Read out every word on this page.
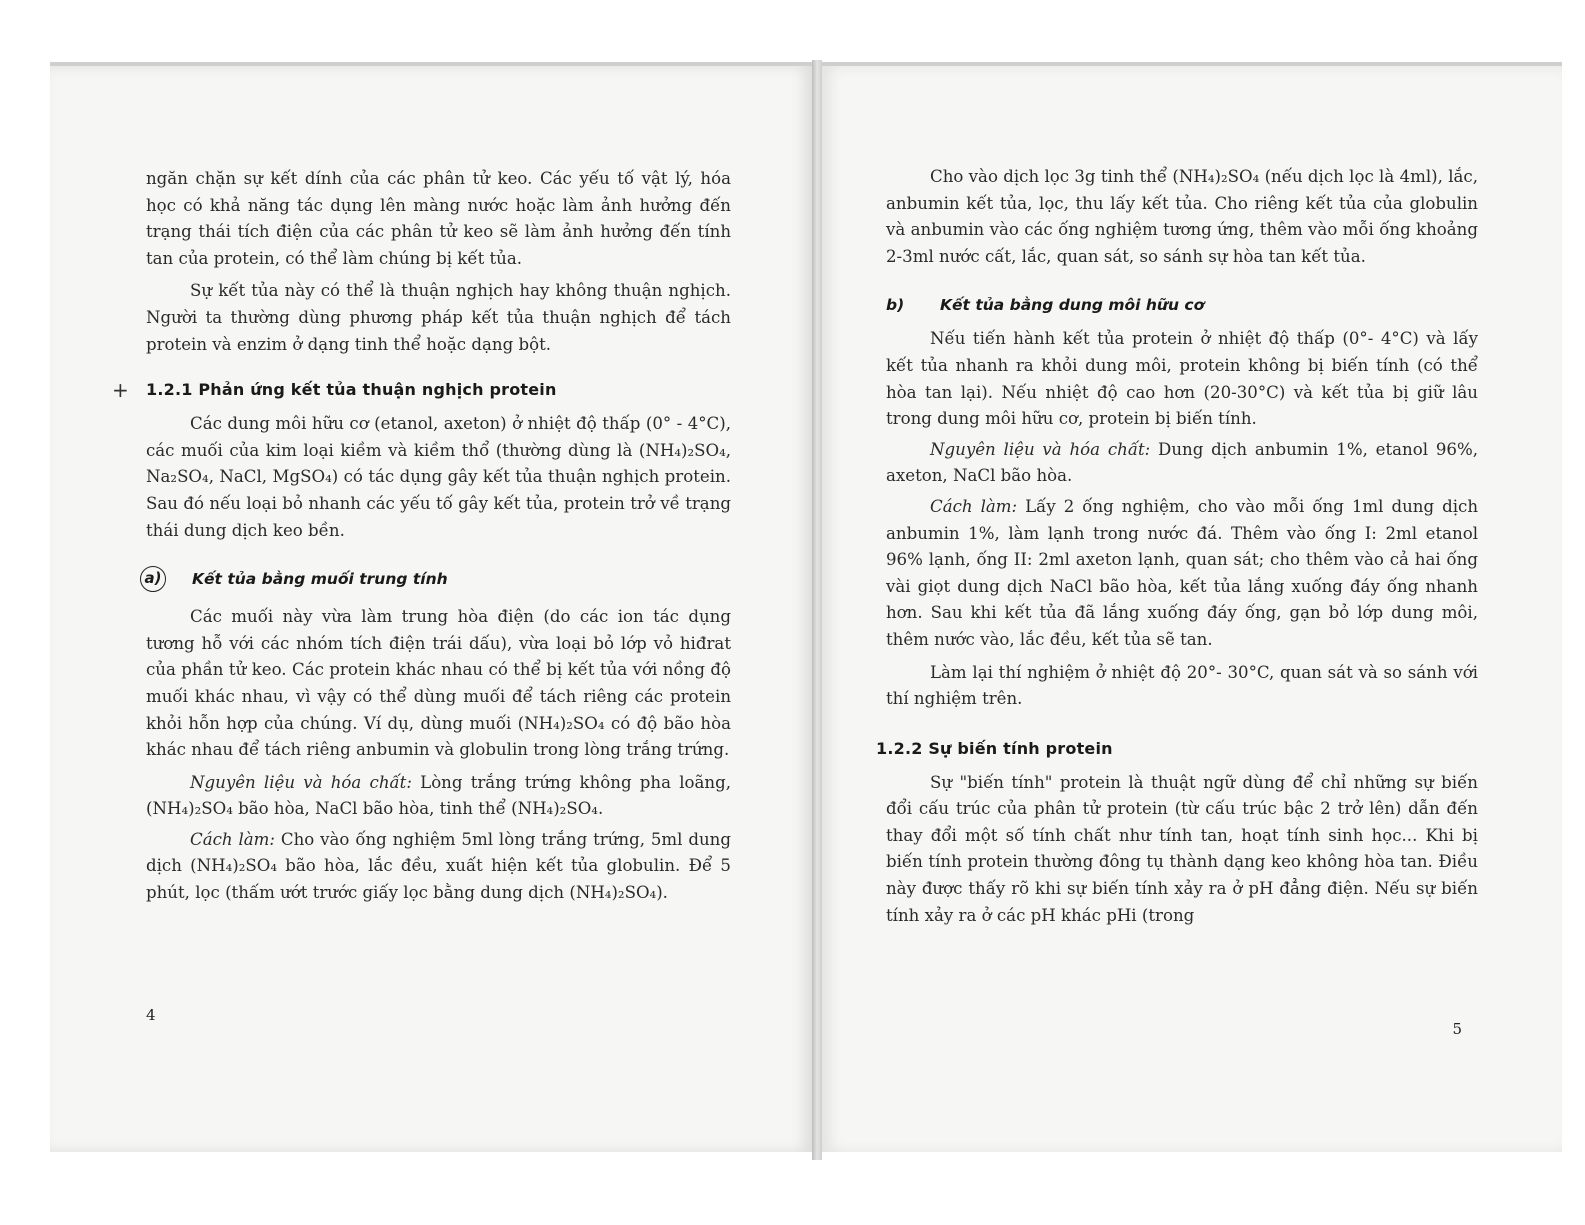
ngăn chặn sự kết dính của các phân tử keo. Các yếu tố vật lý, hóa học có khả năng tác dụng lên màng nước hoặc làm ảnh hưởng đến trạng thái tích điện của các phân tử keo sẽ làm ảnh hưởng đến tính tan của protein, có thể làm chúng bị kết tủa.

Sự kết tủa này có thể là thuận nghịch hay không thuận nghịch. Người ta thường dùng phương pháp kết tủa thuận nghịch để tách protein và enzim ở dạng tinh thể hoặc dạng bột.

+ 1.2.1 Phản ứng kết tủa thuận nghịch protein

Các dung môi hữu cơ (etanol, axeton) ở nhiệt độ thấp (0° - 4°C), các muối của kim loại kiềm và kiềm thổ (thường dùng là (NH₄)₂SO₄, Na₂SO₄, NaCl, MgSO₄) có tác dụng gây kết tủa thuận nghịch protein. Sau đó nếu loại bỏ nhanh các yếu tố gây kết tủa, protein trở về trạng thái dung dịch keo bền.

a) Kết tủa bằng muối trung tính

Các muối này vừa làm trung hòa điện (do các ion tác dụng tương hỗ với các nhóm tích điện trái dấu), vừa loại bỏ lớp vỏ hiđrat của phần tử keo. Các protein khác nhau có thể bị kết tủa với nồng độ muối khác nhau, vì vậy có thể dùng muối để tách riêng các protein khỏi hỗn hợp của chúng. Ví dụ, dùng muối (NH₄)₂SO₄ có độ bão hòa khác nhau để tách riêng anbumin và globulin trong lòng trắng trứng.

Nguyên liệu và hóa chất: Lòng trắng trứng không pha loãng, (NH₄)₂SO₄ bão hòa, NaCl bão hòa, tinh thể (NH₄)₂SO₄.

Cách làm: Cho vào ống nghiệm 5ml lòng trắng trứng, 5ml dung dịch (NH₄)₂SO₄ bão hòa, lắc đều, xuất hiện kết tủa globulin. Để 5 phút, lọc (thấm ướt trước giấy lọc bằng dung dịch (NH₄)₂SO₄).

4

Cho vào dịch lọc 3g tinh thể (NH₄)₂SO₄ (nếu dịch lọc là 4ml), lắc, anbumin kết tủa, lọc, thu lấy kết tủa. Cho riêng kết tủa của globulin và anbumin vào các ống nghiệm tương ứng, thêm vào mỗi ống khoảng 2-3ml nước cất, lắc, quan sát, so sánh sự hòa tan kết tủa.

b)	Kết tủa bằng dung môi hữu cơ

Nếu tiến hành kết tủa protein ở nhiệt độ thấp (0°- 4°C) và lấy kết tủa nhanh ra khỏi dung môi, protein không bị biến tính (có thể hòa tan lại). Nếu nhiệt độ cao hơn (20-30°C) và kết tủa bị giữ lâu trong dung môi hữu cơ, protein bị biến tính.

Nguyên liệu và hóa chất: Dung dịch anbumin 1%, etanol 96%, axeton, NaCl bão hòa.

Cách làm: Lấy 2 ống nghiệm, cho vào mỗi ống 1ml dung dịch anbumin 1%, làm lạnh trong nước đá. Thêm vào ống I: 2ml etanol 96% lạnh, ống II: 2ml axeton lạnh, quan sát; cho thêm vào cả hai ống vài giọt dung dịch NaCl bão hòa, kết tủa lắng xuống đáy ống nhanh hơn. Sau khi kết tủa đã lắng xuống đáy ống, gạn bỏ lớp dung môi, thêm nước vào, lắc đều, kết tủa sẽ tan.

Làm lại thí nghiệm ở nhiệt độ 20°- 30°C, quan sát và so sánh với thí nghiệm trên.

1.2.2 Sự biến tính protein

Sự "biến tính" protein là thuật ngữ dùng để chỉ những sự biến đổi cấu trúc của phân tử protein (từ cấu trúc bậc 2 trở lên) dẫn đến thay đổi một số tính chất như tính tan, hoạt tính sinh học... Khi bị biến tính protein thường đông tụ thành dạng keo không hòa tan. Điều này được thấy rõ khi sự biến tính xảy ra ở pH đẳng điện. Nếu sự biến tính xảy ra ở các pH khác pHi (trong

5
